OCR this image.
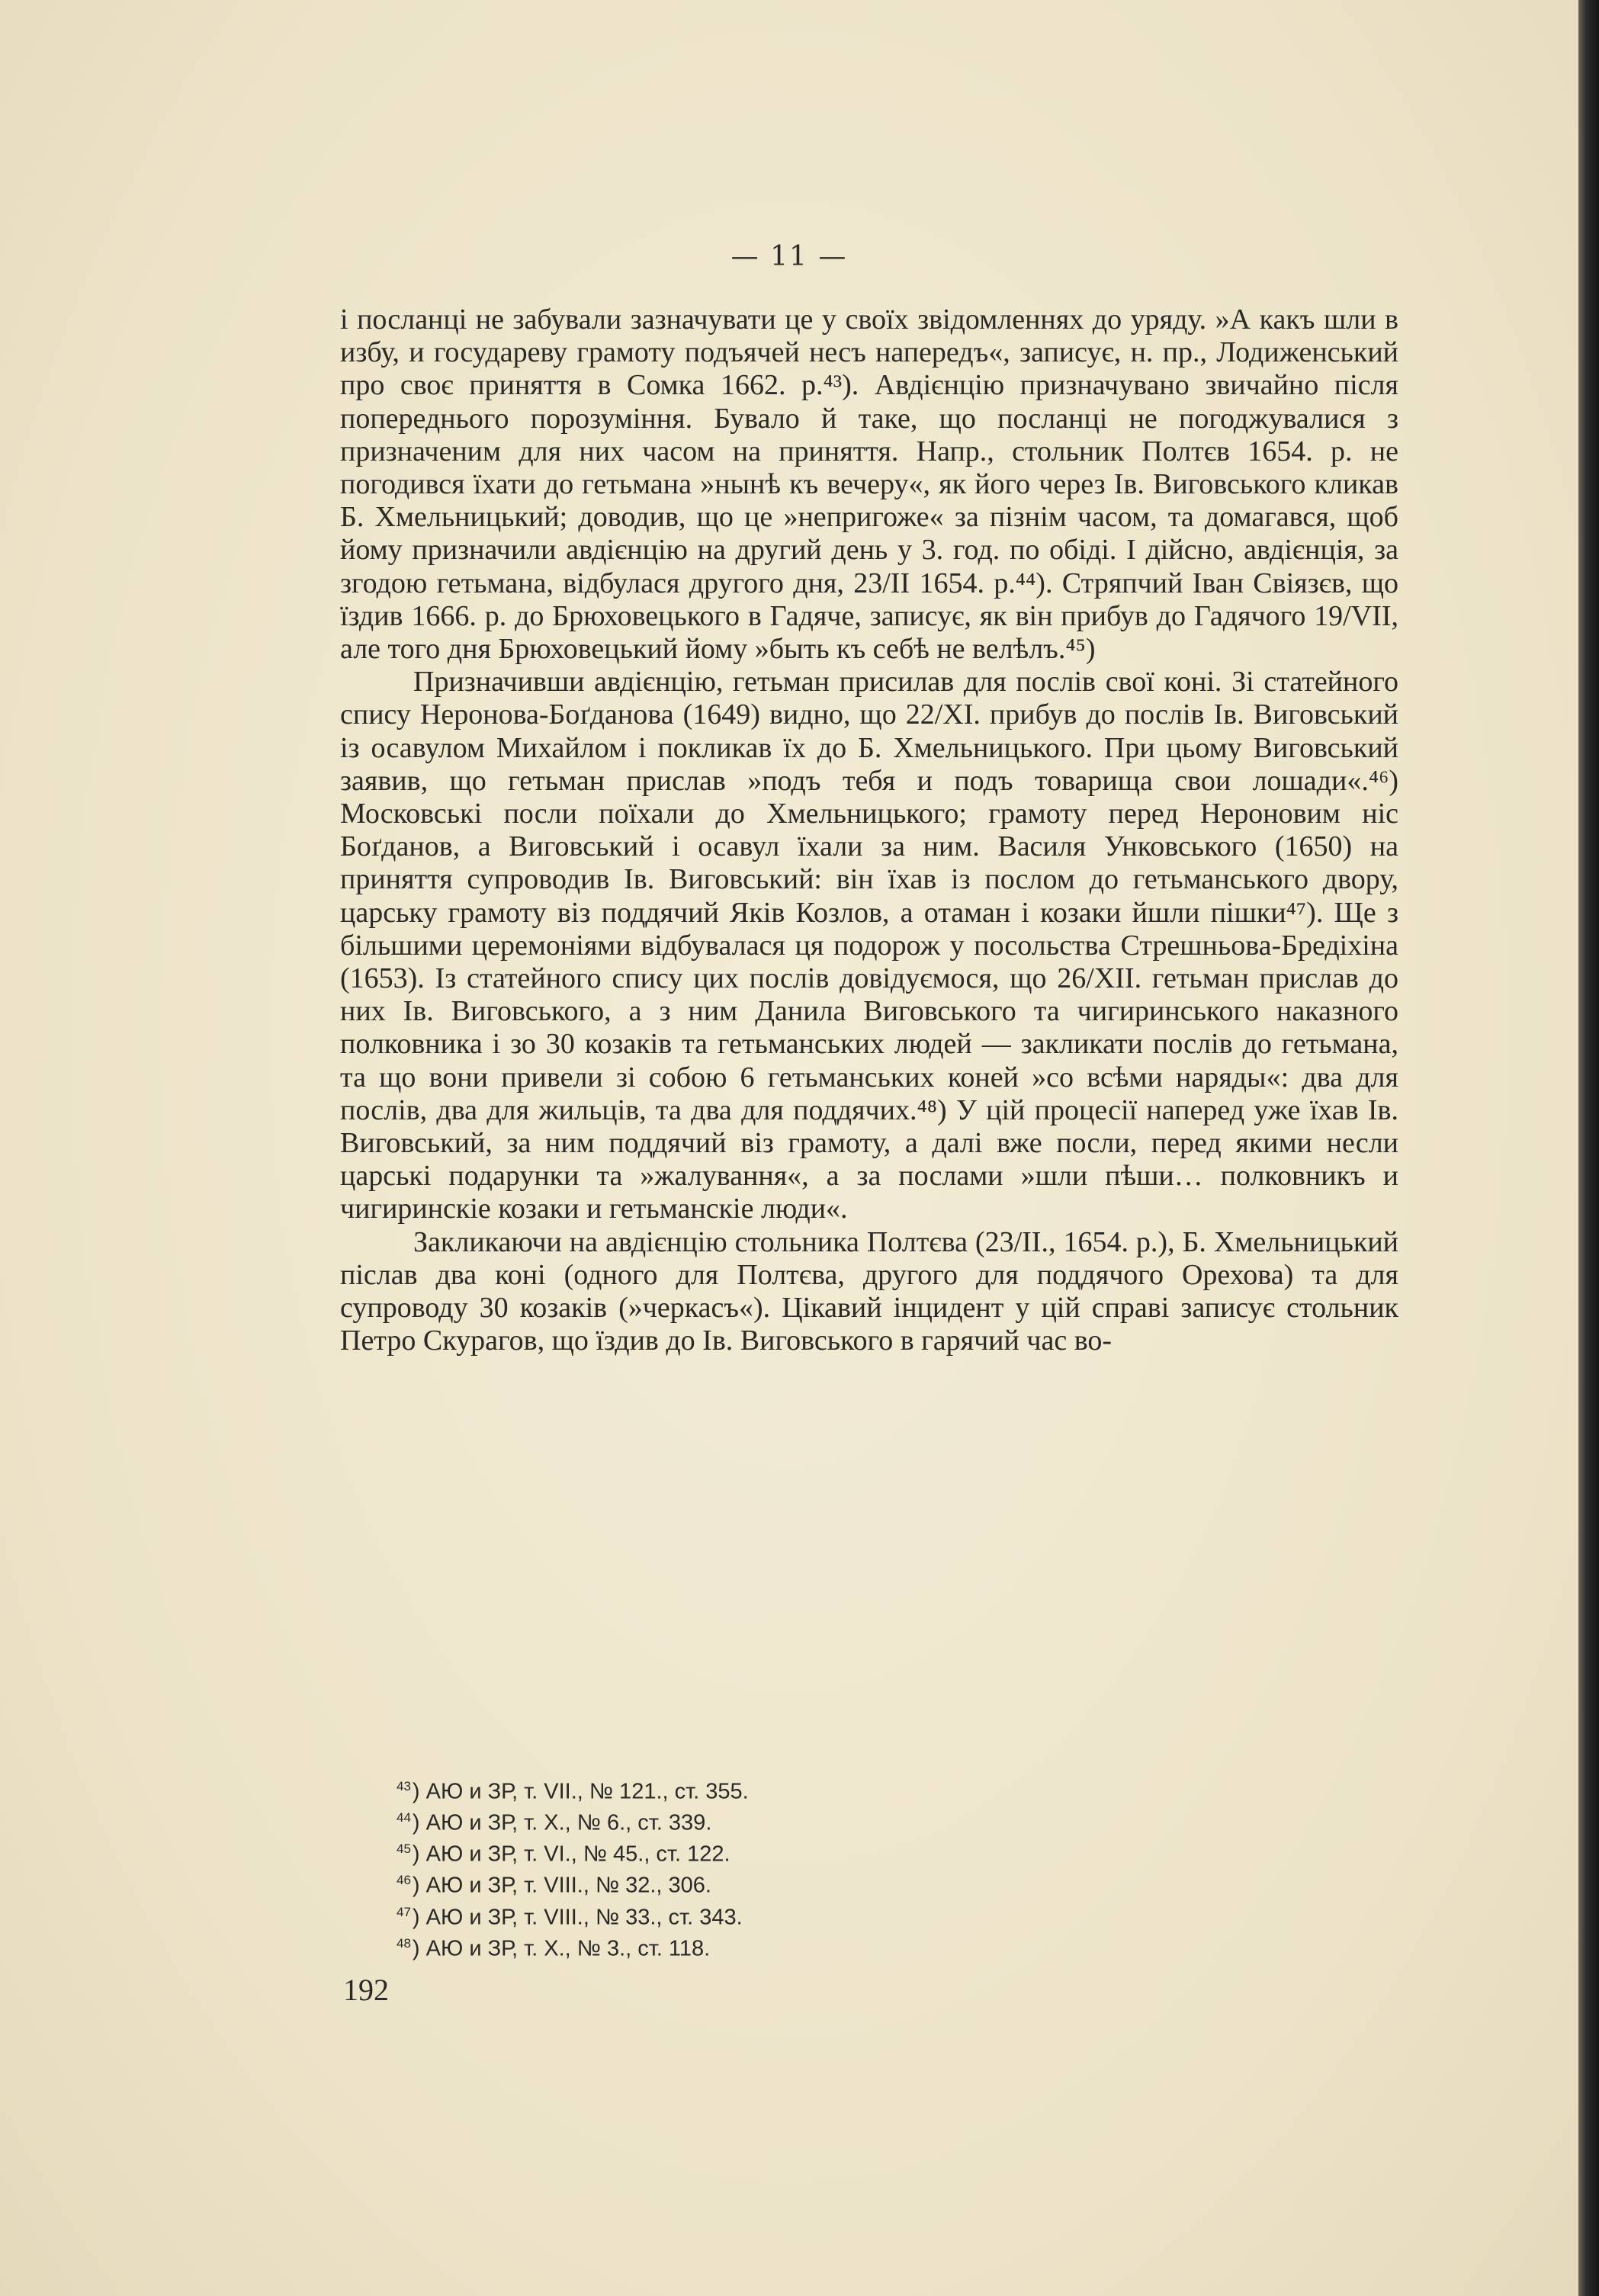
— 11 —

і посланці не забували зазначувати це у своїх звідомленнях до уряду. »А какъ шли в избу, и государеву грамоту подъячей несъ напередъ«, записує, н. пр., Лодиженський про своє приняття в Сомка 1662. р.⁴³). Авдієнцію призначувано звичайно після попереднього порозуміння. Бувало й таке, що посланці не погоджувалися з призначеним для них часом на приняття. Напр., стольник Полтєв 1654. р. не погодився їхати до гетьмана »нынѣ къ вечеру«, як його через Ів. Виговського кликав Б. Хмельницький; доводив, що це »непригоже« за пізнім часом, та домагався, щоб йому призначили авдієнцію на другий день у 3. год. по обіді. І дійсно, авдієнція, за згодою гетьмана, відбулася другого дня, 23/II 1654. р.⁴⁴). Стряпчий Іван Свіязєв, що їздив 1666. р. до Брюховецького в Гадяче, записує, як він прибув до Гадячого 19/VII, але того дня Брюховецький йому »быть къ себѣ не велѣлъ.⁴⁵)

Призначивши авдієнцію, гетьман присилав для послів свої коні. Зі статейного спису Неронова-Боґданова (1649) видно, що 22/XI. прибув до послів Ів. Виговський із осавулом Михайлом і покликав їх до Б. Хмельницького. При цьому Виговський заявив, що гетьман прислав »подъ тебя и подъ товарища свои лошади«.⁴⁶) Московські посли поїхали до Хмельницького; грамоту перед Нероновим ніс Боґданов, а Виговський і осавул їхали за ним. Василя Унковського (1650) на приняття супроводив Ів. Виговський: він їхав із послом до гетьманського двору, царську грамоту віз поддячий Яків Козлов, а отаман і козаки йшли пішки⁴⁷). Ще з більшими церемоніями відбувалася ця подорож у посольства Стрешньова-Бредіхіна (1653). Із статейного спису цих послів довідуємося, що 26/XII. гетьман прислав до них Ів. Виговського, а з ним Данила Виговського та чигиринського наказного полковника і зо 30 козаків та гетьманських людей — закликати послів до гетьмана, та що вони привели зі собою 6 гетьманських коней »со всѣми наряды«: два для послів, два для жильців, та два для поддячих.⁴⁸) У цій процесії наперед уже їхав Ів. Виговський, за ним поддячий віз грамоту, а далі вже посли, перед якими несли царські подарунки та »жалування«, а за послами »шли пѣши… полковникъ и чигиринскіе козаки и гетьманскіе люди«.

Закликаючи на авдієнцію стольника Полтєва (23/II., 1654. р.), Б. Хмельницький післав два коні (одного для Полтєва, другого для поддячого Орехова) та для супроводу 30 козаків (»черкасъ«). Цікавий інцидент у цій справі записує стольник Петро Скурагов, що їздив до Ів. Виговського в гарячий час во-

$^{43}$) АЮ и ЗР, т. VII., № 121., ст. 355.
$^{44}$) АЮ и ЗР, т. X., № 6., ст. 339.
$^{45}$) АЮ и ЗР, т. VI., № 45., ст. 122.
$^{46}$) АЮ и ЗР, т. VIII., № 32., 306.
$^{47}$) АЮ и ЗР, т. VIII., № 33., ст. 343.
$^{48}$) АЮ и ЗР, т. X., № 3., ст. 118.
192
